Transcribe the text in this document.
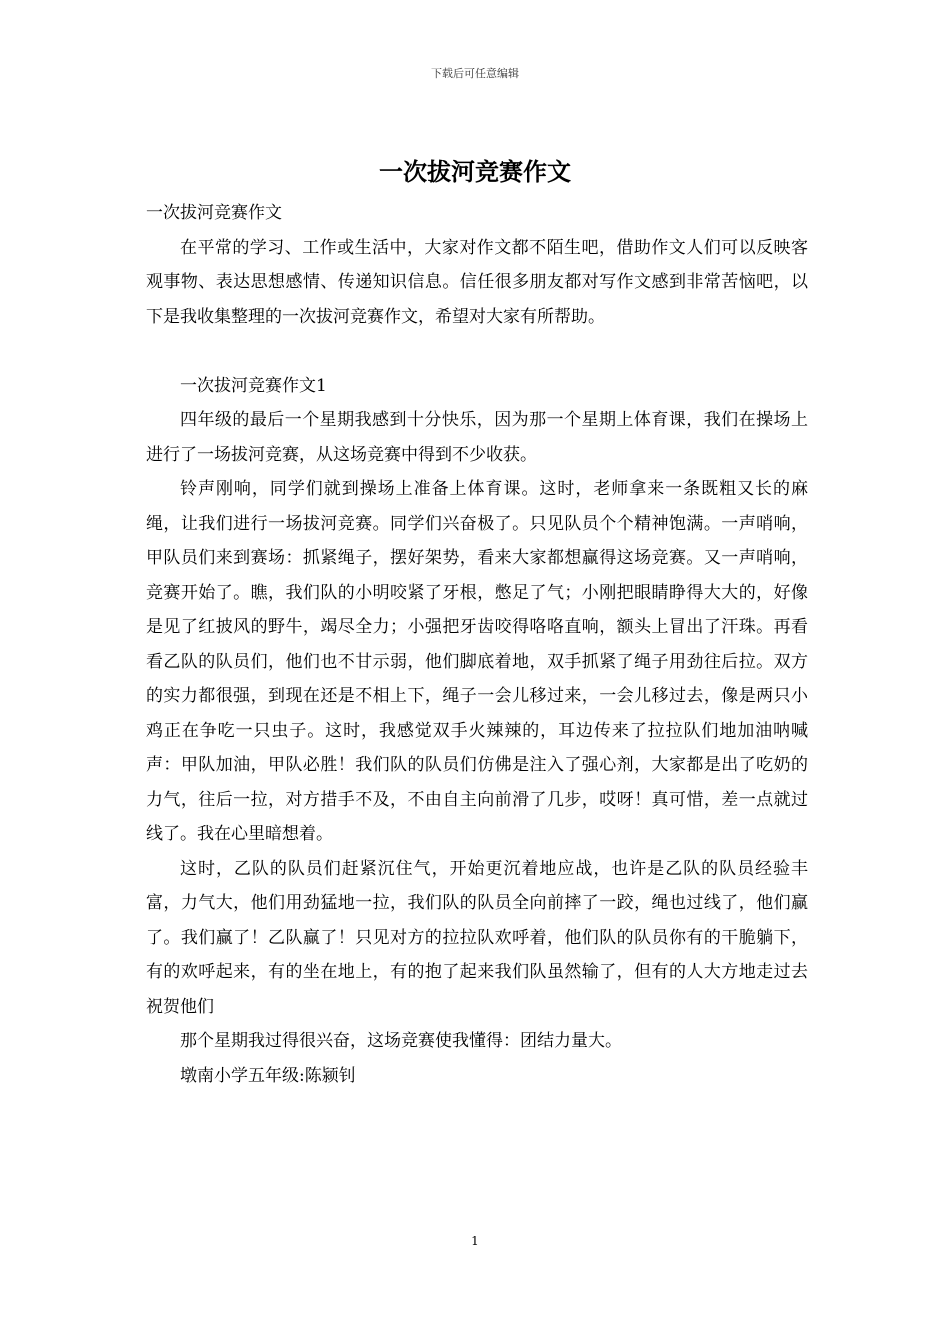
下载后可任意编辑
一次拔河竞赛作文

一次拔河竞赛作文

在平常的学习、工作或生活中，大家对作文都不陌生吧，借助作文人们可以反映客观事物、表达思想感情、传递知识信息。信任很多朋友都对写作文感到非常苦恼吧，以下是我收集整理的一次拔河竞赛作文，希望对大家有所帮助。

一次拔河竞赛作文1

四年级的最后一个星期我感到十分快乐，因为那一个星期上体育课，我们在操场上进行了一场拔河竞赛，从这场竞赛中得到不少收获。

铃声刚响，同学们就到操场上准备上体育课。这时，老师拿来一条既粗又长的麻绳，让我们进行一场拔河竞赛。同学们兴奋极了。只见队员个个精神饱满。一声哨响，甲队员们来到赛场：抓紧绳子，摆好架势，看来大家都想赢得这场竞赛。又一声哨响，竞赛开始了。瞧，我们队的小明咬紧了牙根，憋足了气；小刚把眼睛睁得大大的，好像是见了红披风的野牛，竭尽全力；小强把牙齿咬得咯咯直响，额头上冒出了汗珠。再看看乙队的队员们，他们也不甘示弱，他们脚底着地，双手抓紧了绳子用劲往后拉。双方的实力都很强，到现在还是不相上下，绳子一会儿移过来，一会儿移过去，像是两只小鸡正在争吃一只虫子。这时，我感觉双手火辣辣的，耳边传来了拉拉队们地加油呐喊声：甲队加油，甲队必胜！我们队的队员们仿佛是注入了强心剂，大家都是出了吃奶的力气，往后一拉，对方措手不及，不由自主向前滑了几步，哎呀！真可惜，差一点就过线了。我在心里暗想着。

这时，乙队的队员们赶紧沉住气，开始更沉着地应战，也许是乙队的队员经验丰富，力气大，他们用劲猛地一拉，我们队的队员全向前摔了一跤，绳也过线了，他们赢了。我们赢了！乙队赢了！只见对方的拉拉队欢呼着，他们队的队员你有的干脆躺下，有的欢呼起来，有的坐在地上，有的抱了起来我们队虽然输了，但有的人大方地走过去祝贺他们

那个星期我过得很兴奋，这场竞赛使我懂得：团结力量大。

墩南小学五年级:陈颍钊

1
